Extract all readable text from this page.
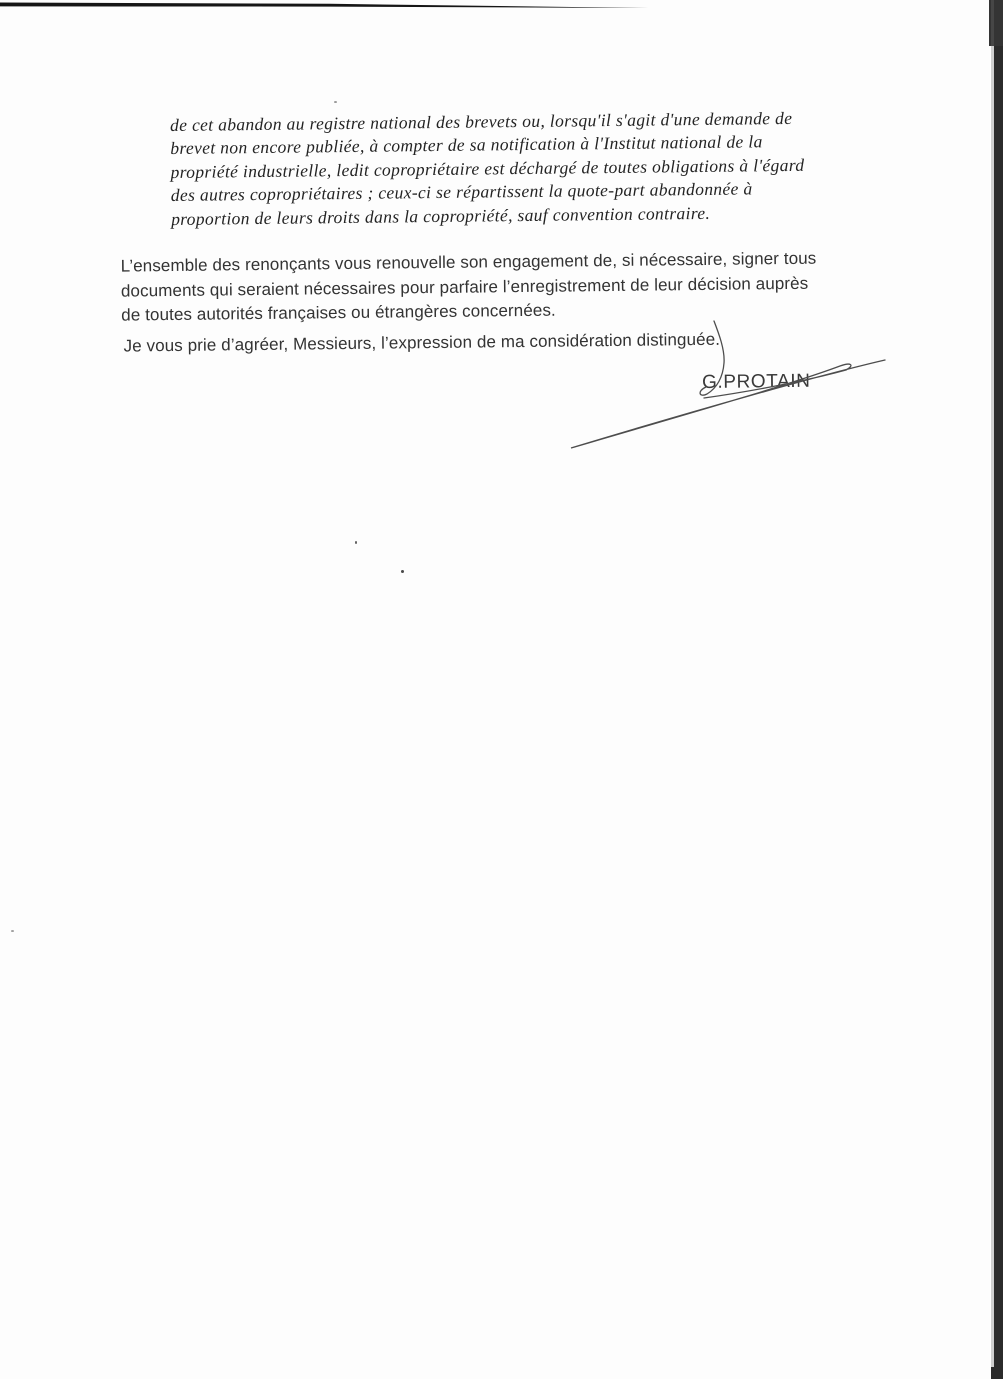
de cet abandon au registre national des brevets ou, lorsqu'il s'agit d'une demande de
brevet non encore publiée, à compter de sa notification à l'Institut national de la
propriété industrielle, ledit copropriétaire est déchargé de toutes obligations à l'égard
des autres copropriétaires ; ceux-ci se répartissent la quote-part abandonnée à
proportion de leurs droits dans la copropriété, sauf convention contraire.
L’ensemble des renonçants vous renouvelle son engagement de, si nécessaire, signer tous
documents qui seraient nécessaires pour parfaire l’enregistrement de leur décision auprès
de toutes autorités françaises ou étrangères concernées.
Je vous prie d’agréer, Messieurs, l’expression de ma considération distinguée.
G.PROTAIN
